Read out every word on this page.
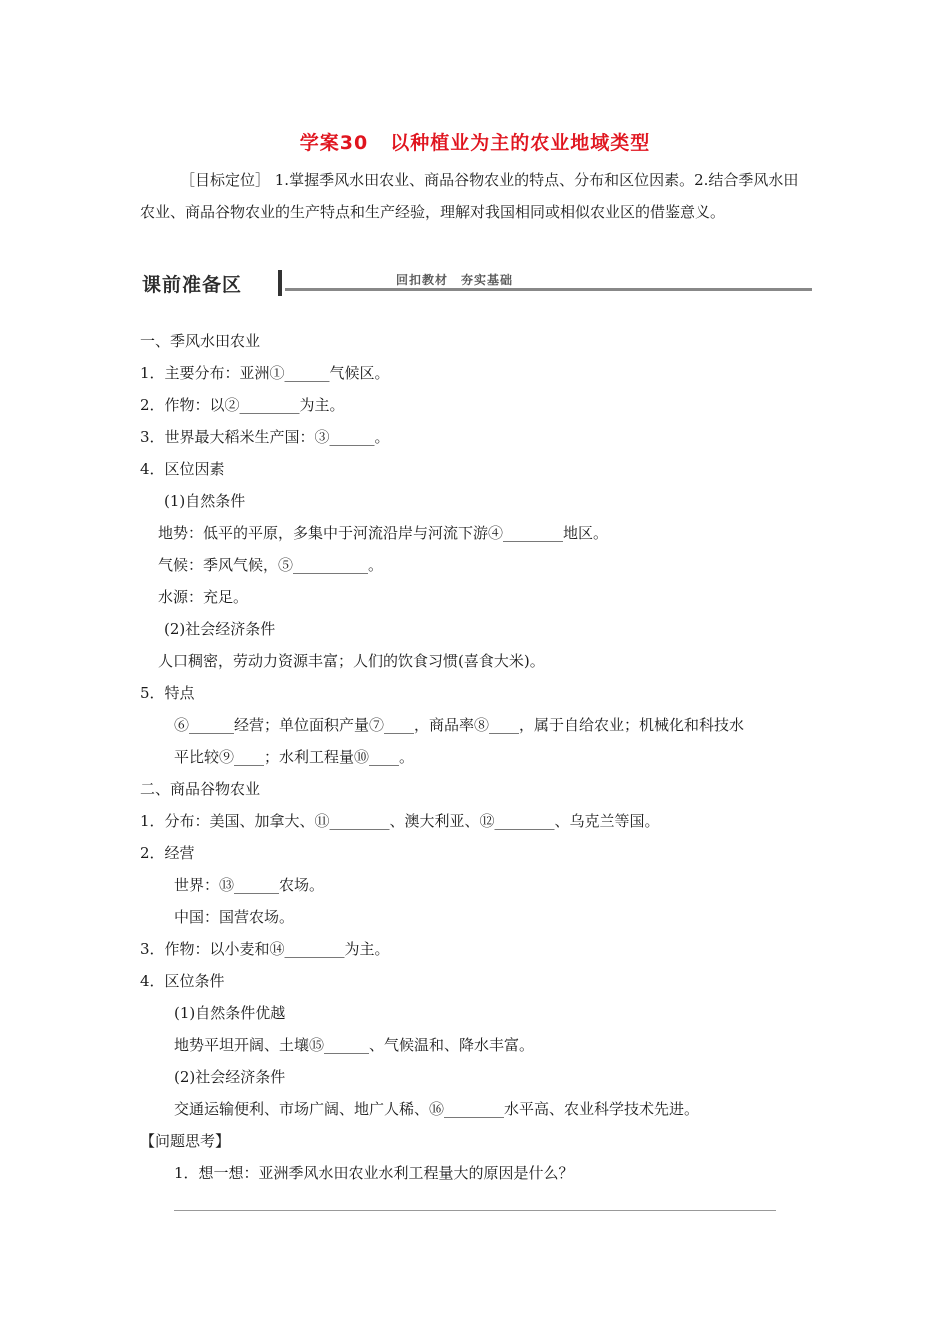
学案30 以种植业为主的农业地域类型
［目标定位］ 1.掌握季风水田农业、商品谷物农业的特点、分布和区位因素。2.结合季风水田农业、商品谷物农业的生产特点和生产经验，理解对我国相同或相似农业区的借鉴意义。
课前准备区	回扣教材　夯实基础
一、季风水田农业
1．主要分布：亚洲①______气候区。
2．作物：以②________为主。
3．世界最大稻米生产国：③______。
4．区位因素
(1)自然条件
地势：低平的平原，多集中于河流沿岸与河流下游④________地区。
气候：季风气候，⑤__________。
水源：充足。
(2)社会经济条件
人口稠密，劳动力资源丰富；人们的饮食习惯(喜食大米)。
5．特点
⑥______经营；单位面积产量⑦____，商品率⑧____，属于自给农业；机械化和科技水
平比较⑨____；水利工程量⑩____。
二、商品谷物农业
1．分布：美国、加拿大、⑪________、澳大利亚、⑫________、乌克兰等国。
2．经营
世界：⑬______农场。
中国：国营农场。
3．作物：以小麦和⑭________为主。
4．区位条件
(1)自然条件优越
地势平坦开阔、土壤⑮______、气候温和、降水丰富。
(2)社会经济条件
交通运输便利、市场广阔、地广人稀、⑯________水平高、农业科学技术先进。
【问题思考】
1．想一想：亚洲季风水田农业水利工程量大的原因是什么？
